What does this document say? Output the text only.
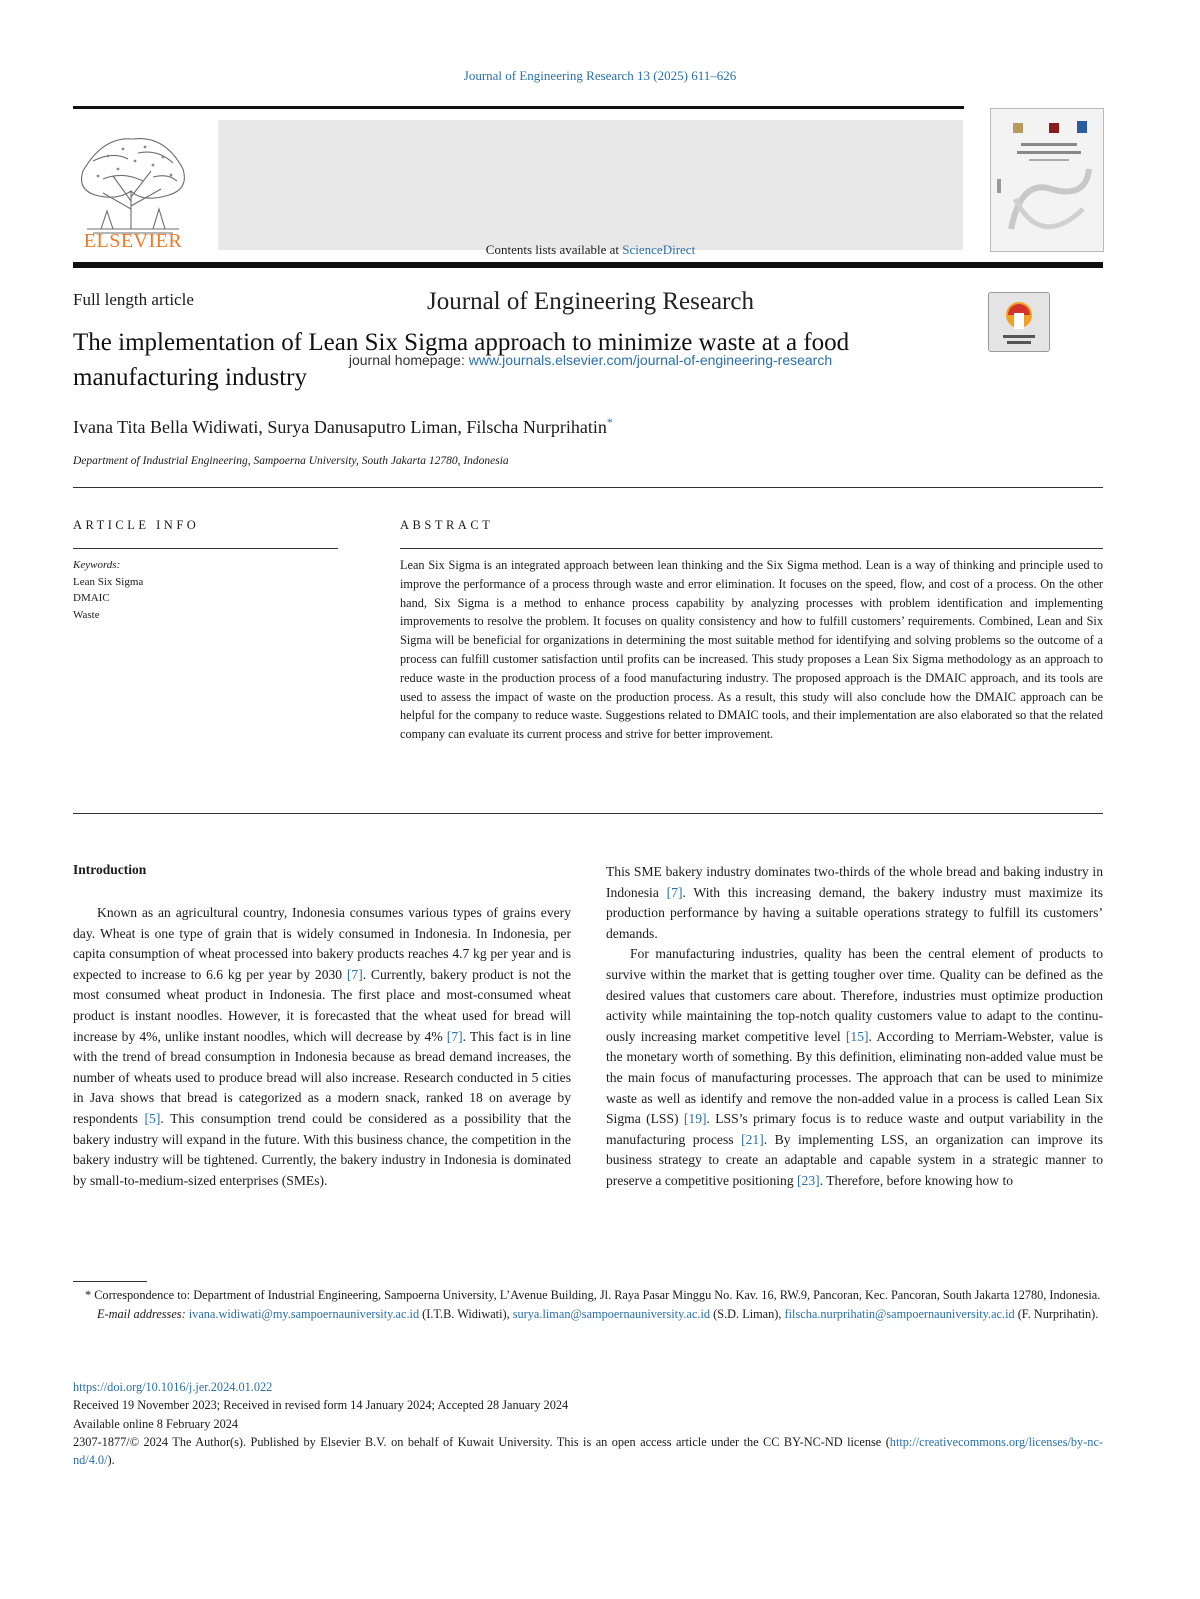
Journal of Engineering Research 13 (2025) 611–626
ELSEVIER	Contents lists available at ScienceDirect
Journal of Engineering Research
journal homepage: www.journals.elsevier.com/journal-of-engineering-research
Full length article
The implementation of Lean Six Sigma approach to minimize waste at a food manufacturing industry
Ivana Tita Bella Widiwati, Surya Danusaputro Liman, Filscha Nurprihatin*
Department of Industrial Engineering, Sampoerna University, South Jakarta 12780, Indonesia
ARTICLE INFO
Keywords:
Lean Six Sigma
DMAIC
Waste
ABSTRACT
Lean Six Sigma is an integrated approach between lean thinking and the Six Sigma method. Lean is a way of thinking and principle used to improve the performance of a process through waste and error elimination. It focuses on the speed, flow, and cost of a process. On the other hand, Six Sigma is a method to enhance process capability by analyzing processes with problem identification and implementing improvements to resolve the problem. It focuses on quality consistency and how to fulfill customers’ requirements. Combined, Lean and Six Sigma will be beneficial for organizations in determining the most suitable method for identifying and solving problems so the outcome of a process can fulfill customer satisfaction until profits can be increased. This study proposes a Lean Six Sigma methodology as an approach to reduce waste in the production process of a food manufacturing industry. The proposed approach is the DMAIC approach, and its tools are used to assess the impact of waste on the production process. As a result, this study will also conclude how the DMAIC approach can be helpful for the company to reduce waste. Suggestions related to DMAIC tools, and their implementation are also elaborated so that the related company can evaluate its current process and strive for better improvement.
Introduction

Known as an agricultural country, Indonesia consumes various types of grains every day. Wheat is one type of grain that is widely consumed in Indonesia. In Indonesia, per capita consumption of wheat processed into bakery products reaches 4.7 kg per year and is expected to increase to 6.6 kg per year by 2030 [7]. Currently, bakery product is not the most consumed wheat product in Indonesia. The first place and most-consumed wheat product is instant noodles. However, it is forecasted that the wheat used for bread will increase by 4%, unlike instant noodles, which will decrease by 4% [7]. This fact is in line with the trend of bread consumption in Indonesia because as bread demand increases, the number of wheats used to produce bread will also increase. Research conducted in 5 cities in Java shows that bread is categorized as a modern snack, ranked 18 on average by respondents [5]. This consumption trend could be considered as a possibility that the bakery industry will expand in the future. With this business chance, the competition in the bakery industry will be tightened. Currently, the bakery industry in Indonesia is dominated by small-to-medium-sized enterprises (SMEs).

This SME bakery industry dominates two-thirds of the whole bread and baking industry in Indonesia [7]. With this increasing demand, the bakery industry must maximize its production performance by having a suitable operations strategy to fulfill its customers’ demands.

For manufacturing industries, quality has been the central element of products to survive within the market that is getting tougher over time. Quality can be defined as the desired values that customers care about. Therefore, industries must optimize production activity while maintaining the top-notch quality customers value to adapt to the continuously increasing market competitive level [15]. According to Merriam-Webster, value is the monetary worth of something. By this definition, eliminating non-added value must be the main focus of manufacturing processes. The approach that can be used to minimize waste as well as identify and remove the non-added value in a process is called Lean Six Sigma (LSS) [19]. LSS’s primary focus is to reduce waste and output variability in the manufacturing process [21]. By implementing LSS, an organization can improve its business strategy to create an adaptable and capable system in a strategic manner to preserve a competitive positioning [23]. Therefore, before knowing how to

* Correspondence to: Department of Industrial Engineering, Sampoerna University, L’Avenue Building, Jl. Raya Pasar Minggu No. Kav. 16, RW.9, Pancoran, Kec. Pancoran, South Jakarta 12780, Indonesia.

E-mail addresses: ivana.widiwati@my.sampoernauniversity.ac.id (I.T.B. Widiwati), surya.liman@sampoernauniversity.ac.id (S.D. Liman), filscha.nurprihatin@sampoernauniversity.ac.id (F. Nurprihatin).

https://doi.org/10.1016/j.jer.2024.01.022

Received 19 November 2023; Received in revised form 14 January 2024; Accepted 28 January 2024

Available online 8 February 2024

2307-1877/© 2024 The Author(s). Published by Elsevier B.V. on behalf of Kuwait University. This is an open access article under the CC BY-NC-ND license (http://creativecommons.org/licenses/by-nc-nd/4.0/).
